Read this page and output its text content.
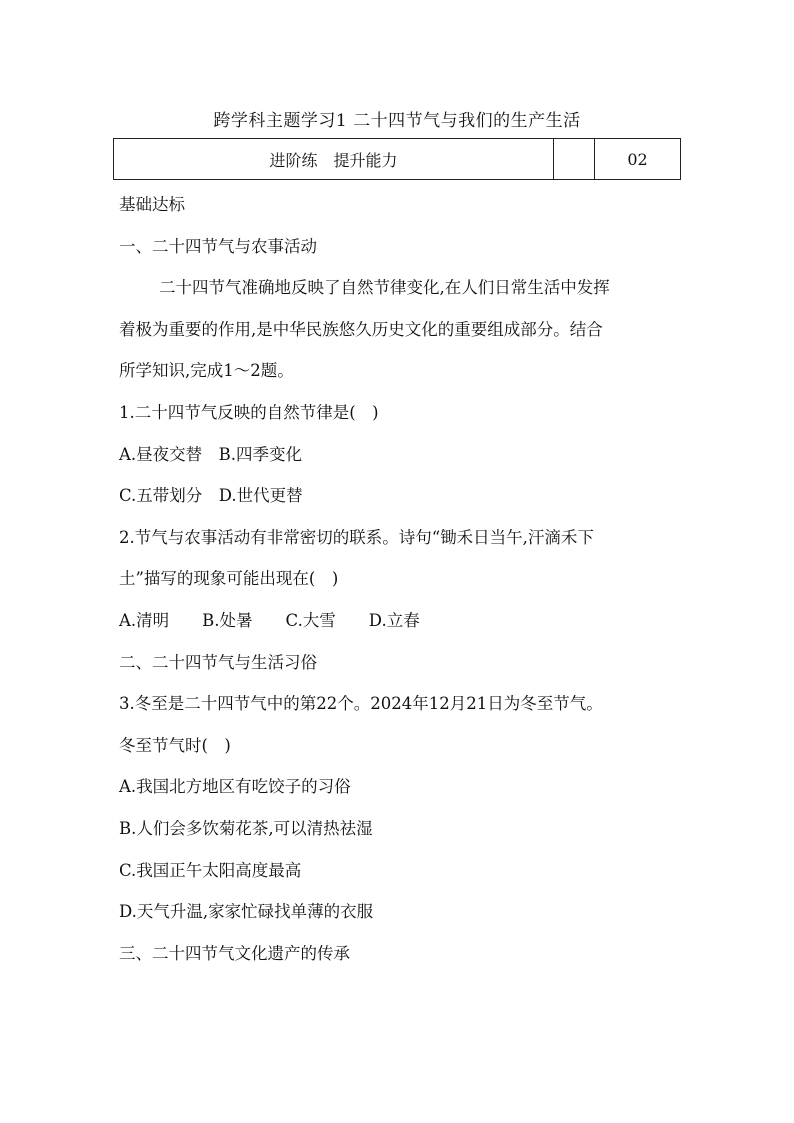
跨学科主题学习1 二十四节气与我们的生产生活
进阶练　提升能力	02
基础达标
一、二十四节气与农事活动
二十四节气准确地反映了自然节律变化,在人们日常生活中发挥
着极为重要的作用,是中华民族悠久历史文化的重要组成部分。结合
所学知识,完成1～2题。
1.二十四节气反映的自然节律是(　)
A.昼夜交替　B.四季变化
C.五带划分　D.世代更替
2.节气与农事活动有非常密切的联系。诗句“锄禾日当午,汗滴禾下
土”描写的现象可能出现在(　)
A.清明　　B.处暑　　C.大雪　　D.立春
二、二十四节气与生活习俗
3.冬至是二十四节气中的第22个。2024年12月21日为冬至节气。
冬至节气时(　)
A.我国北方地区有吃饺子的习俗
B.人们会多饮菊花茶,可以清热祛湿
C.我国正午太阳高度最高
D.天气升温,家家忙碌找单薄的衣服
三、二十四节气文化遗产的传承
